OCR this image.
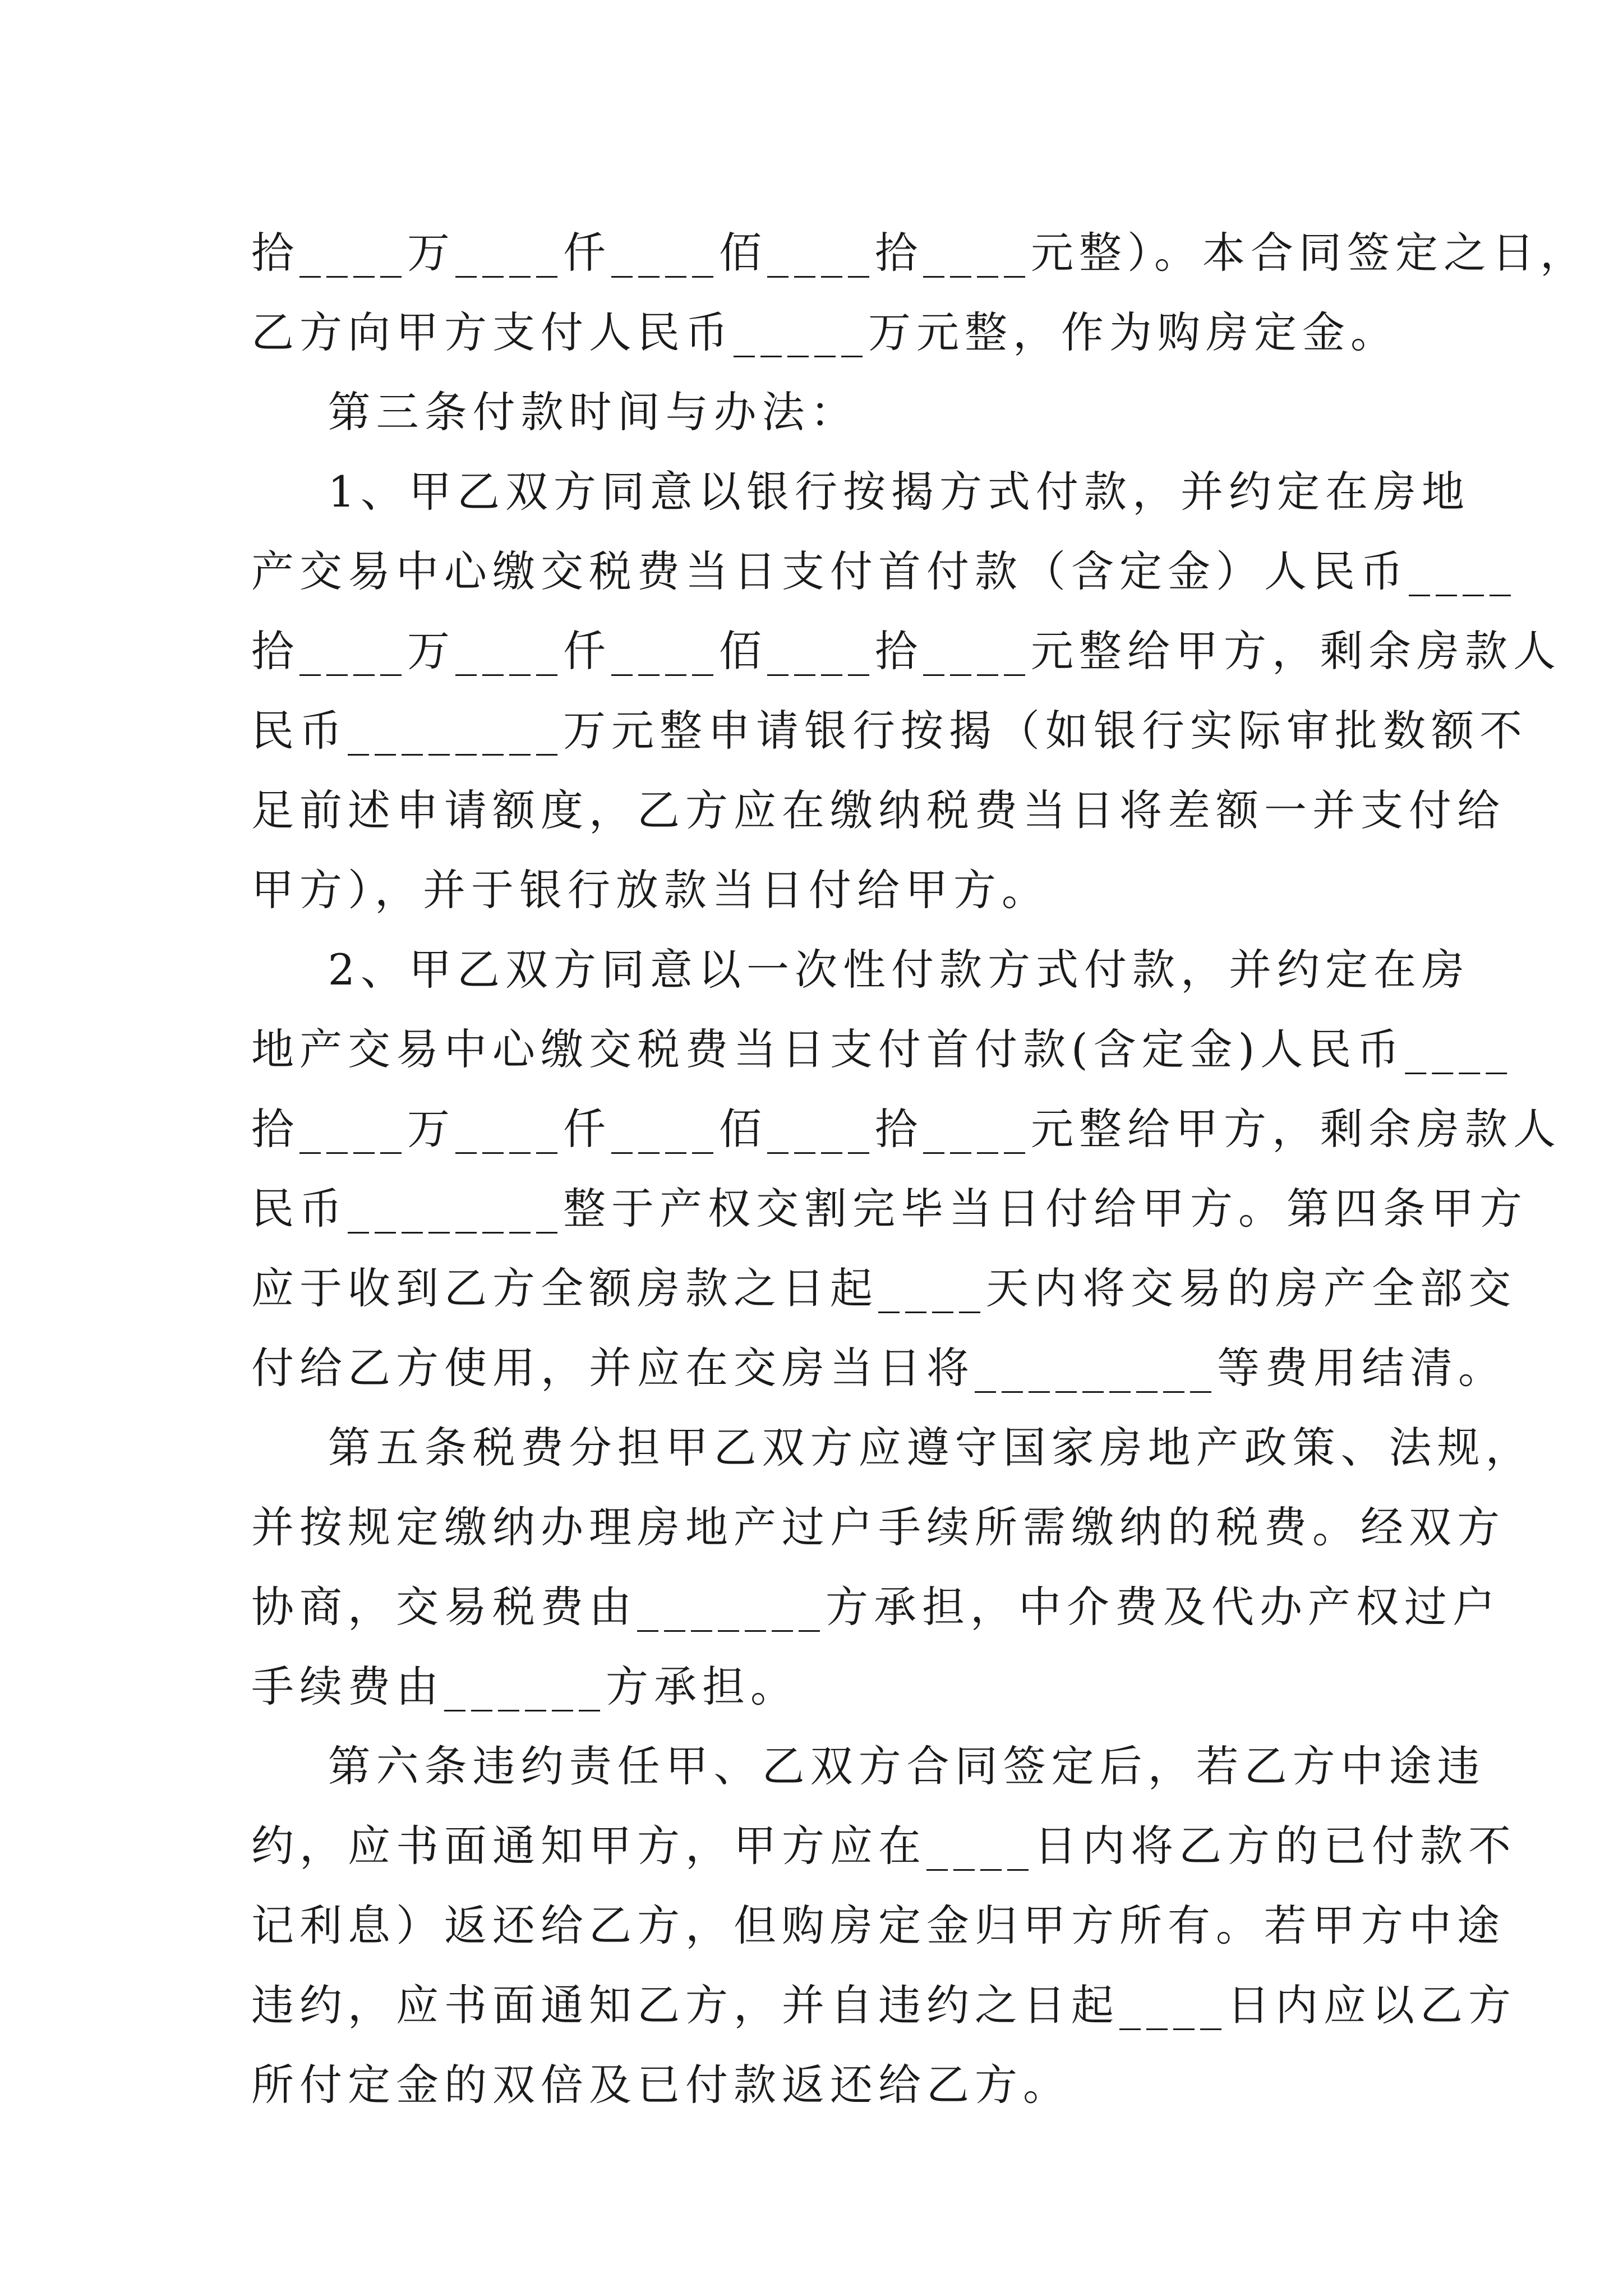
拾____万____仟____佰____拾____元整）。本合同签定之日，
乙方向甲方支付人民币_____万元整，作为购房定金。
第三条付款时间与办法：
1、甲乙双方同意以银行按揭方式付款，并约定在房地
产交易中心缴交税费当日支付首付款（含定金）人民币____
拾____万____仟____佰____拾____元整给甲方，剩余房款人
民币________万元整申请银行按揭（如银行实际审批数额不
足前述申请额度，乙方应在缴纳税费当日将差额一并支付给
甲方），并于银行放款当日付给甲方。
2、甲乙双方同意以一次性付款方式付款，并约定在房
地产交易中心缴交税费当日支付首付款(含定金)人民币____
拾____万____仟____佰____拾____元整给甲方，剩余房款人
民币________整于产权交割完毕当日付给甲方。第四条甲方
应于收到乙方全额房款之日起____天内将交易的房产全部交
付给乙方使用，并应在交房当日将_________等费用结清。
第五条税费分担甲乙双方应遵守国家房地产政策、法规，
并按规定缴纳办理房地产过户手续所需缴纳的税费。经双方
协商，交易税费由_______方承担，中介费及代办产权过户
手续费由______方承担。
第六条违约责任甲、乙双方合同签定后，若乙方中途违
约，应书面通知甲方，甲方应在____日内将乙方的已付款不
记利息）返还给乙方，但购房定金归甲方所有。若甲方中途
违约，应书面通知乙方，并自违约之日起____日内应以乙方
所付定金的双倍及已付款返还给乙方。
